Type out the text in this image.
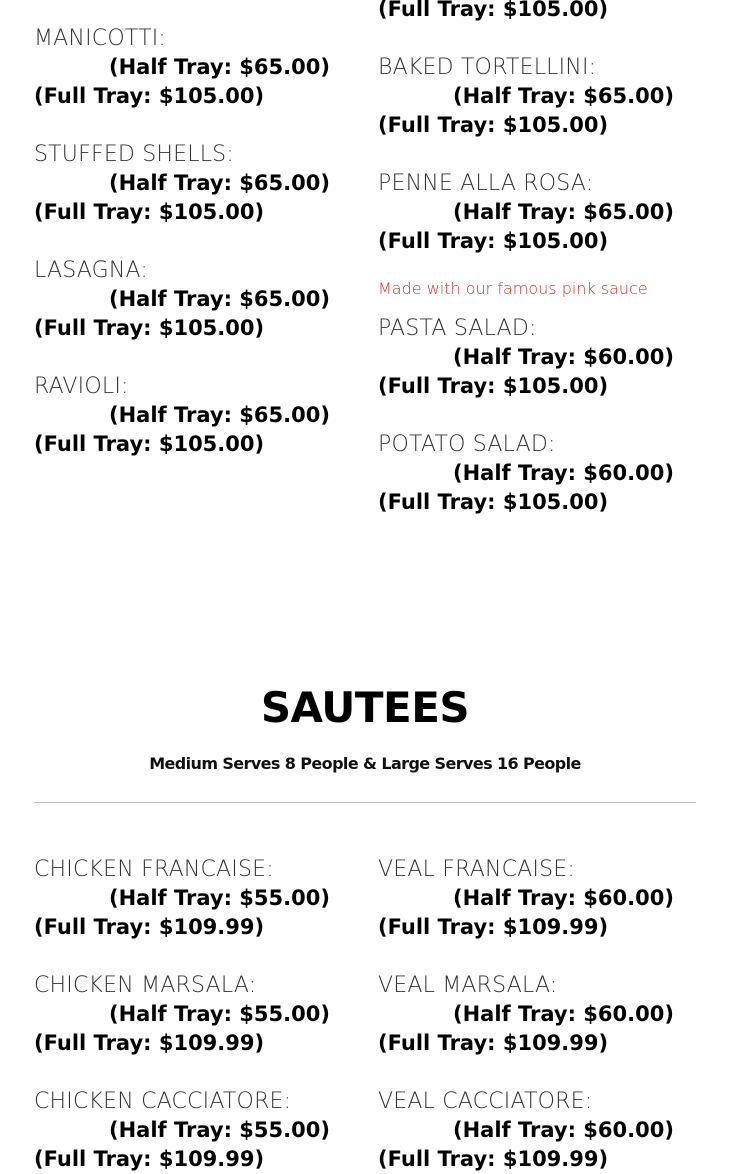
MANICOTTI:
(Half Tray: $65.00)
(Full Tray: $105.00)
STUFFED SHELLS:
(Half Tray: $65.00)
(Full Tray: $105.00)
LASAGNA:
(Half Tray: $65.00)
(Full Tray: $105.00)
RAVIOLI:
(Half Tray: $65.00)
(Full Tray: $105.00)
(Full Tray: $105.00)
BAKED TORTELLINI:
(Half Tray: $65.00)
(Full Tray: $105.00)
PENNE ALLA ROSA:
(Half Tray: $65.00)
(Full Tray: $105.00)
Made with our famous pink sauce
PASTA SALAD:
(Half Tray: $60.00)
(Full Tray: $105.00)
POTATO SALAD:
(Half Tray: $60.00)
(Full Tray: $105.00)
SAUTEES
Medium Serves 8 People & Large Serves 16 People
CHICKEN FRANCAISE:
(Half Tray: $55.00)
(Full Tray: $109.99)
CHICKEN MARSALA:
(Half Tray: $55.00)
(Full Tray: $109.99)
CHICKEN CACCIATORE:
(Half Tray: $55.00)
(Full Tray: $109.99)
VEAL FRANCAISE:
(Half Tray: $60.00)
(Full Tray: $109.99)
VEAL MARSALA:
(Half Tray: $60.00)
(Full Tray: $109.99)
VEAL CACCIATORE:
(Half Tray: $60.00)
(Full Tray: $109.99)
